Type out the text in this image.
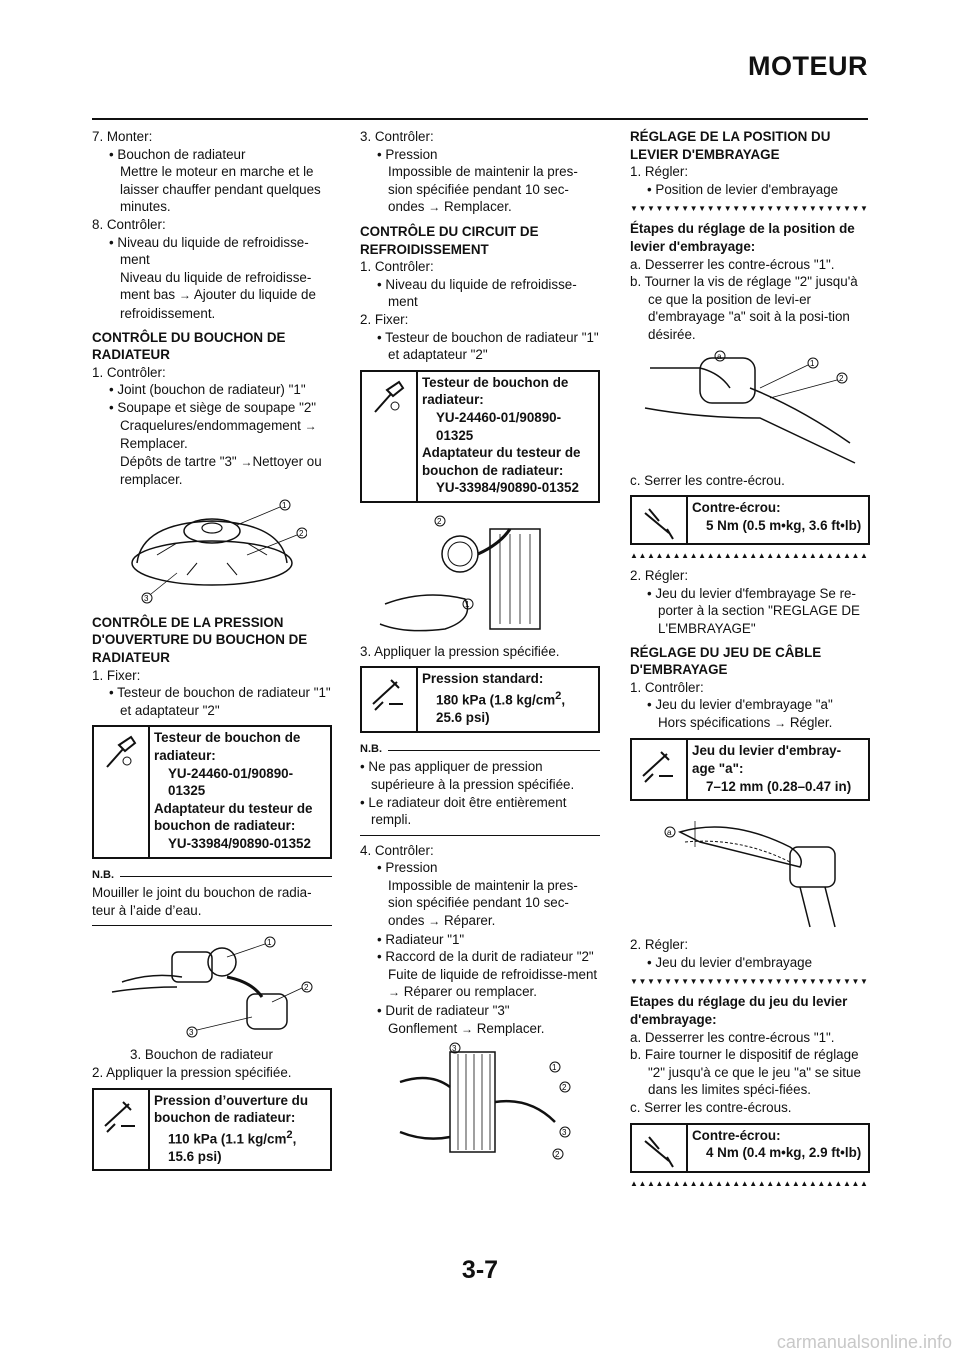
MOTEUR

7. Monter:

• Bouchon de radiateur

Mettre le moteur en marche et le laisser chauffer pendant quelques minutes.

8. Contrôler:

• Niveau du liquide de refroidisse-ment

Niveau du liquide de refroidisse-ment bas → Ajouter du liquide de refroidissement.

CONTRÔLE DU BOUCHON DE RADIATEUR

1. Contrôler:

• Joint (bouchon de radiateur) "1"

• Soupape et siège de soupape "2"

Craquelures/endommagement →
Remplacer.

Dépôts de tartre "3" →Nettoyer ou remplacer.

1
2
3

CONTRÔLE DE LA PRESSION D'OUVERTURE DU BOUCHON DE RADIATEUR

1. Fixer:

• Testeur de bouchon de radiateur "1" et adaptateur "2"

Testeur de bouchon de radiateur:

YU-24460-01/90890-01325

Adaptateur du testeur de bouchon de radiateur:

YU-33984/90890-01352

N.B.

Mouiller le joint du bouchon de radia-teur à l’aide d’eau.

1
2
3

3. Bouchon de radiateur

2. Appliquer la pression spécifiée.

Pression d’ouverture du bouchon de radiateur:

110 kPa (1.1 $kg/cm^2$, 15.6 psi)

3. Contrôler:

• Pression

Impossible de maintenir la pres-sion spécifiée pendant 10 sec-ondes → Remplacer.

CONTRÔLE DU CIRCUIT DE REFROIDISSEMENT

1. Contrôler:

• Niveau du liquide de refroidisse-ment

2. Fixer:

• Testeur de bouchon de radiateur "1" et adaptateur "2"

Testeur de bouchon de radiateur:

YU-24460-01/90890-01325

Adaptateur du testeur de bouchon de radiateur:

YU-33984/90890-01352

2
1

3. Appliquer la pression spécifiée.

Pression standard:

180 kPa (1.8 $kg/cm^2$, 25.6 psi)

N.B.

• Ne pas appliquer de pression supérieure à la pression spécifiée.

• Le radiateur doit être entièrement rempli.

4. Contrôler:

• Pression

Impossible de maintenir la pres-sion spécifiée pendant 10 sec-ondes → Réparer.

• Radiateur "1"

• Raccord de la durit de radiateur "2"

Fuite de liquide de refroidisse-ment → Réparer ou remplacer.

• Durit de radiateur "3"

Gonflement → Remplacer.

3
1
2
3
2

RÉGLAGE DE LA POSITION DU LEVIER D'EMBRAYAGE

1. Régler:

• Position de levier d'embrayage

▼▼▼▼▼▼▼▼▼▼▼▼▼▼▼▼▼▼▼▼▼▼▼▼▼▼▼▼

Étapes du réglage de la position de levier d'embrayage:

a. Desserrer les contre-écrous "1".

b. Tourner la vis de réglage "2" jusqu'à ce que la position de levi-er d'embrayage "a" soit à la posi-tion désirée.

a
1
2

c. Serrer les contre-écrou.

Contre-écrou:

5 Nm (0.5 m•kg, 3.6 ft•lb)

▲▲▲▲▲▲▲▲▲▲▲▲▲▲▲▲▲▲▲▲▲▲▲▲▲▲▲▲

2. Régler:

• Jeu du levier d'fembrayage Se re-porter à la section "REGLAGE DE L'EMBRAYAGE"

RÉGLAGE DU JEU DE CÂBLE D'EMBRAYAGE

1. Contrôler:

• Jeu du levier d'embrayage "a"

Hors spécifications → Régler.

Jeu du levier d'embray-age "a":

7–12 mm (0.28–0.47 in)

a

2. Régler:

• Jeu du levier d'embrayage

▼▼▼▼▼▼▼▼▼▼▼▼▼▼▼▼▼▼▼▼▼▼▼▼▼▼▼▼

Etapes du réglage du jeu du levier d'embrayage:

a. Desserrer les contre-écrous "1".

b. Faire tourner le dispositif de réglage "2" jusqu'à ce que le jeu "a" se situe dans les limites spéci-fiées.

c. Serrer les contre-écrous.

Contre-écrou:

4 Nm (0.4 m•kg, 2.9 ft•lb)

▲▲▲▲▲▲▲▲▲▲▲▲▲▲▲▲▲▲▲▲▲▲▲▲▲▲▲▲
3-7
carmanualsonline.info
